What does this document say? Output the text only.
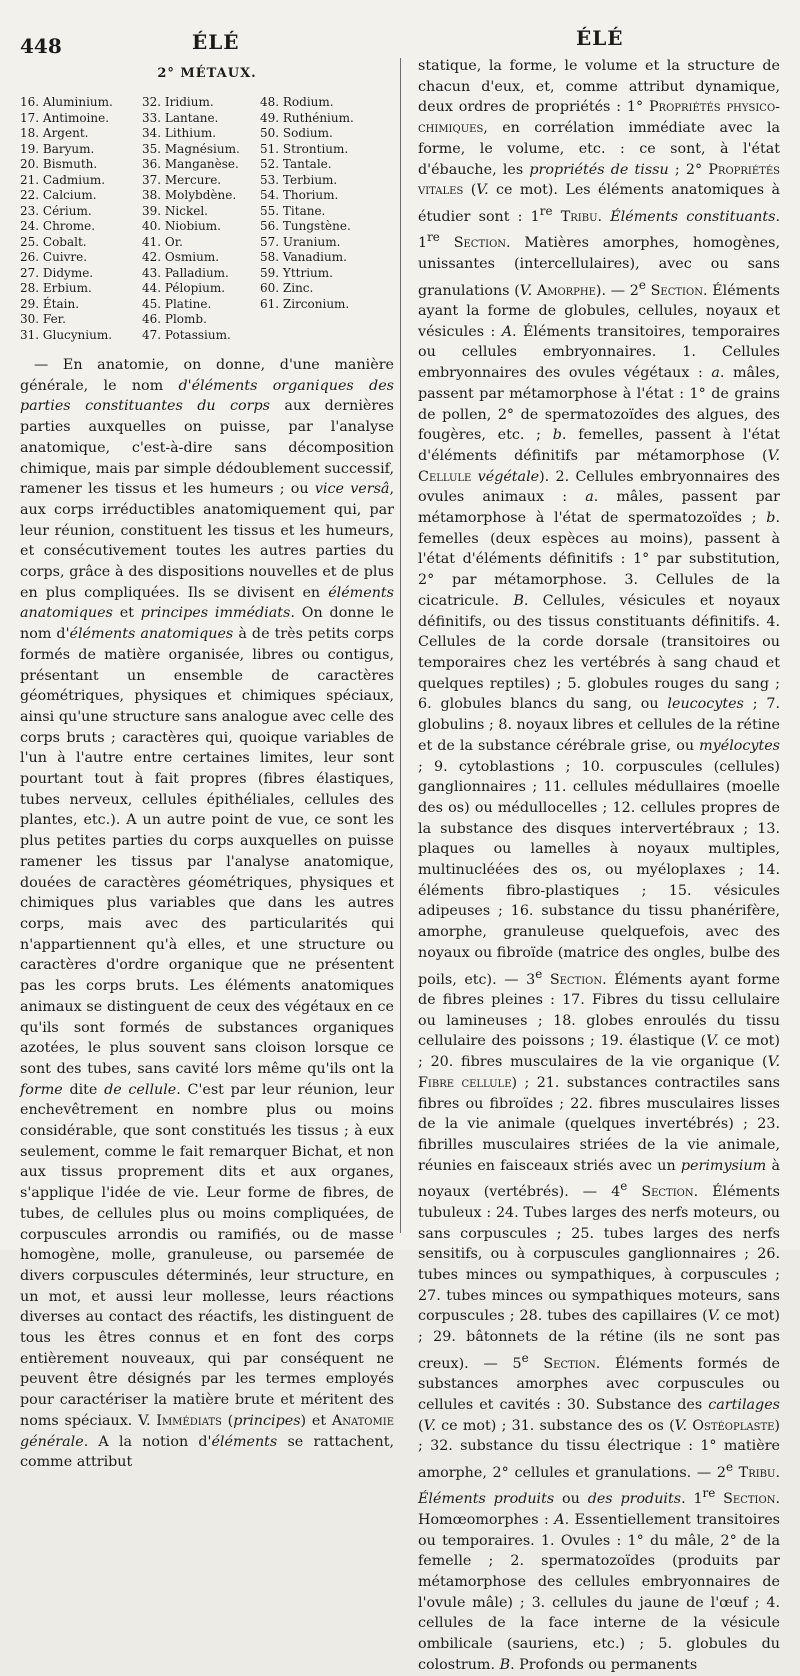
448	ÉLÉ	ÉLÉ
2° MÉTAUX.
16. Aluminium.
17. Antimoine.
18. Argent.
19. Baryum.
20. Bismuth.
21. Cadmium.
22. Calcium.
23. Cérium.
24. Chrome.
25. Cobalt.
26. Cuivre.
27. Didyme.
28. Erbium.
29. Étain.
30. Fer.
31. Glucynium.
32. Iridium.
33. Lantane.
34. Lithium.
35. Magnésium.
36. Manganèse.
37. Mercure.
38. Molybdène.
39. Nickel.
40. Niobium.
41. Or.
42. Osmium.
43. Palladium.
44. Pélopium.
45. Platine.
46. Plomb.
47. Potassium.
48. Rodium.
49. Ruthénium.
50. Sodium.
51. Strontium.
52. Tantale.
53. Terbium.
54. Thorium.
55. Titane.
56. Tungstène.
57. Uranium.
58. Vanadium.
59. Yttrium.
60. Zinc.
61. Zirconium.

— En anatomie, on donne, d'une manière générale, le nom d'éléments organiques des parties constituantes du corps aux dernières parties auxquelles on puisse, par l'analyse anatomique, c'est-à-dire sans décomposition chimique, mais par simple dédoublement successif, ramener les tissus et les humeurs ; ou vice versâ, aux corps irréductibles anatomiquement qui, par leur réunion, constituent les tissus et les humeurs, et consécutivement toutes les autres parties du corps, grâce à des dispositions nouvelles et de plus en plus compliquées. Ils se divisent en éléments anatomiques et principes immédiats. On donne le nom d'éléments anatomiques à de très petits corps formés de matière organisée, libres ou contigus, présentant un ensemble de caractères géométriques, physiques et chimiques spéciaux, ainsi qu'une structure sans analogue avec celle des corps bruts ; caractères qui, quoique variables de l'un à l'autre entre certaines limites, leur sont pourtant tout à fait propres (fibres élastiques, tubes nerveux, cellules épithéliales, cellules des plantes, etc.). A un autre point de vue, ce sont les plus petites parties du corps auxquelles on puisse ramener les tissus par l'analyse anatomique, douées de caractères géométriques, physiques et chimiques plus variables que dans les autres corps, mais avec des particularités qui n'appartiennent qu'à elles, et une structure ou caractères d'ordre organique que ne présentent pas les corps bruts. Les éléments anatomiques animaux se distinguent de ceux des végétaux en ce qu'ils sont formés de substances organiques azotées, le plus souvent sans cloison lorsque ce sont des tubes, sans cavité lors même qu'ils ont la forme dite de cellule. C'est par leur réunion, leur enchevêtrement en nombre plus ou moins considérable, que sont constitués les tissus ; à eux seulement, comme le fait remarquer Bichat, et non aux tissus proprement dits et aux organes, s'applique l'idée de vie. Leur forme de fibres, de tubes, de cellules plus ou moins compliquées, de corpuscules arrondis ou ramifiés, ou de masse homogène, molle, granuleuse, ou parsemée de divers corpuscules déterminés, leur structure, en un mot, et aussi leur mollesse, leurs réactions diverses au contact des réactifs, les distinguent de tous les êtres connus et en font des corps entièrement nouveaux, qui par conséquent ne peuvent être désignés par les termes employés pour caractériser la matière brute et méritent des noms spéciaux. V. Immédiats (principes) et Anatomie générale. A la notion d'éléments se rattachent, comme attribut

statique, la forme, le volume et la structure de chacun d'eux, et, comme attribut dynamique, deux ordres de propriétés : 1° Propriétés physico-chimiques, en corrélation immédiate avec la forme, le volume, etc. : ce sont, à l'état d'ébauche, les propriétés de tissu ; 2° Propriétés vitales (V. ce mot). Les éléments anatomiques à étudier sont : 1re Tribu. Éléments constituants. 1re Section. Matières amorphes, homogènes, unissantes (intercellulaires), avec ou sans granulations (V. Amorphe). — 2e Section. Éléments ayant la forme de globules, cellules, noyaux et vésicules : A. Éléments transitoires, temporaires ou cellules embryonnaires. 1. Cellules embryonnaires des ovules végétaux : a. mâles, passent par métamorphose à l'état : 1° de grains de pollen, 2° de spermatozoïdes des algues, des fougères, etc. ; b. femelles, passent à l'état d'éléments définitifs par métamorphose (V. Cellule végétale). 2. Cellules embryonnaires des ovules animaux : a. mâles, passent par métamorphose à l'état de spermatozoïdes ; b. femelles (deux espèces au moins), passent à l'état d'éléments définitifs : 1° par substitution, 2° par métamorphose. 3. Cellules de la cicatricule. B. Cellules, vésicules et noyaux définitifs, ou des tissus constituants définitifs. 4. Cellules de la corde dorsale (transitoires ou temporaires chez les vertébrés à sang chaud et quelques reptiles) ; 5. globules rouges du sang ; 6. globules blancs du sang, ou leucocytes ; 7. globulins ; 8. noyaux libres et cellules de la rétine et de la substance cérébrale grise, ou myélocytes ; 9. cytoblastions ; 10. corpuscules (cellules) ganglionnaires ; 11. cellules médullaires (moelle des os) ou médullocelles ; 12. cellules propres de la substance des disques intervertébraux ; 13. plaques ou lamelles à noyaux multiples, multinucléées des os, ou myéloplaxes ; 14. éléments fibro-plastiques ; 15. vésicules adipeuses ; 16. substance du tissu phanérifère, amorphe, granuleuse quelquefois, avec des noyaux ou fibroïde (matrice des ongles, bulbe des poils, etc). — 3e Section. Éléments ayant forme de fibres pleines : 17. Fibres du tissu cellulaire ou lamineuses ; 18. globes enroulés du tissu cellulaire des poissons ; 19. élastique (V. ce mot) ; 20. fibres musculaires de la vie organique (V. Fibre cellule) ; 21. substances contractiles sans fibres ou fibroïdes ; 22. fibres musculaires lisses de la vie animale (quelques invertébrés) ; 23. fibrilles musculaires striées de la vie animale, réunies en faisceaux striés avec un perimysium à noyaux (vertébrés). — 4e Section. Éléments tubuleux : 24. Tubes larges des nerfs moteurs, ou sans corpuscules ; 25. tubes larges des nerfs sensitifs, ou à corpuscules ganglionnaires ; 26. tubes minces ou sympathiques, à corpuscules ; 27. tubes minces ou sympathiques moteurs, sans corpuscules ; 28. tubes des capillaires (V. ce mot) ; 29. bâtonnets de la rétine (ils ne sont pas creux). — 5e Section. Éléments formés de substances amorphes avec corpuscules ou cellules et cavités : 30. Substance des cartilages (V. ce mot) ; 31. substance des os (V. Ostéoplaste) ; 32. substance du tissu électrique : 1° matière amorphe, 2° cellules et granulations. — 2e Tribu. Éléments produits ou des produits. 1re Section. Homœomorphes : A. Essentiellement transitoires ou temporaires. 1. Ovules : 1° du mâle, 2° de la femelle ; 2. spermatozoïdes (produits par métamorphose des cellules embryonnaires de l'ovule mâle) ; 3. cellules du jaune de l'œuf ; 4. cellules de la face interne de la vésicule ombilicale (sauriens, etc.) ; 5. globules du colostrum. B. Profonds ou permanents
